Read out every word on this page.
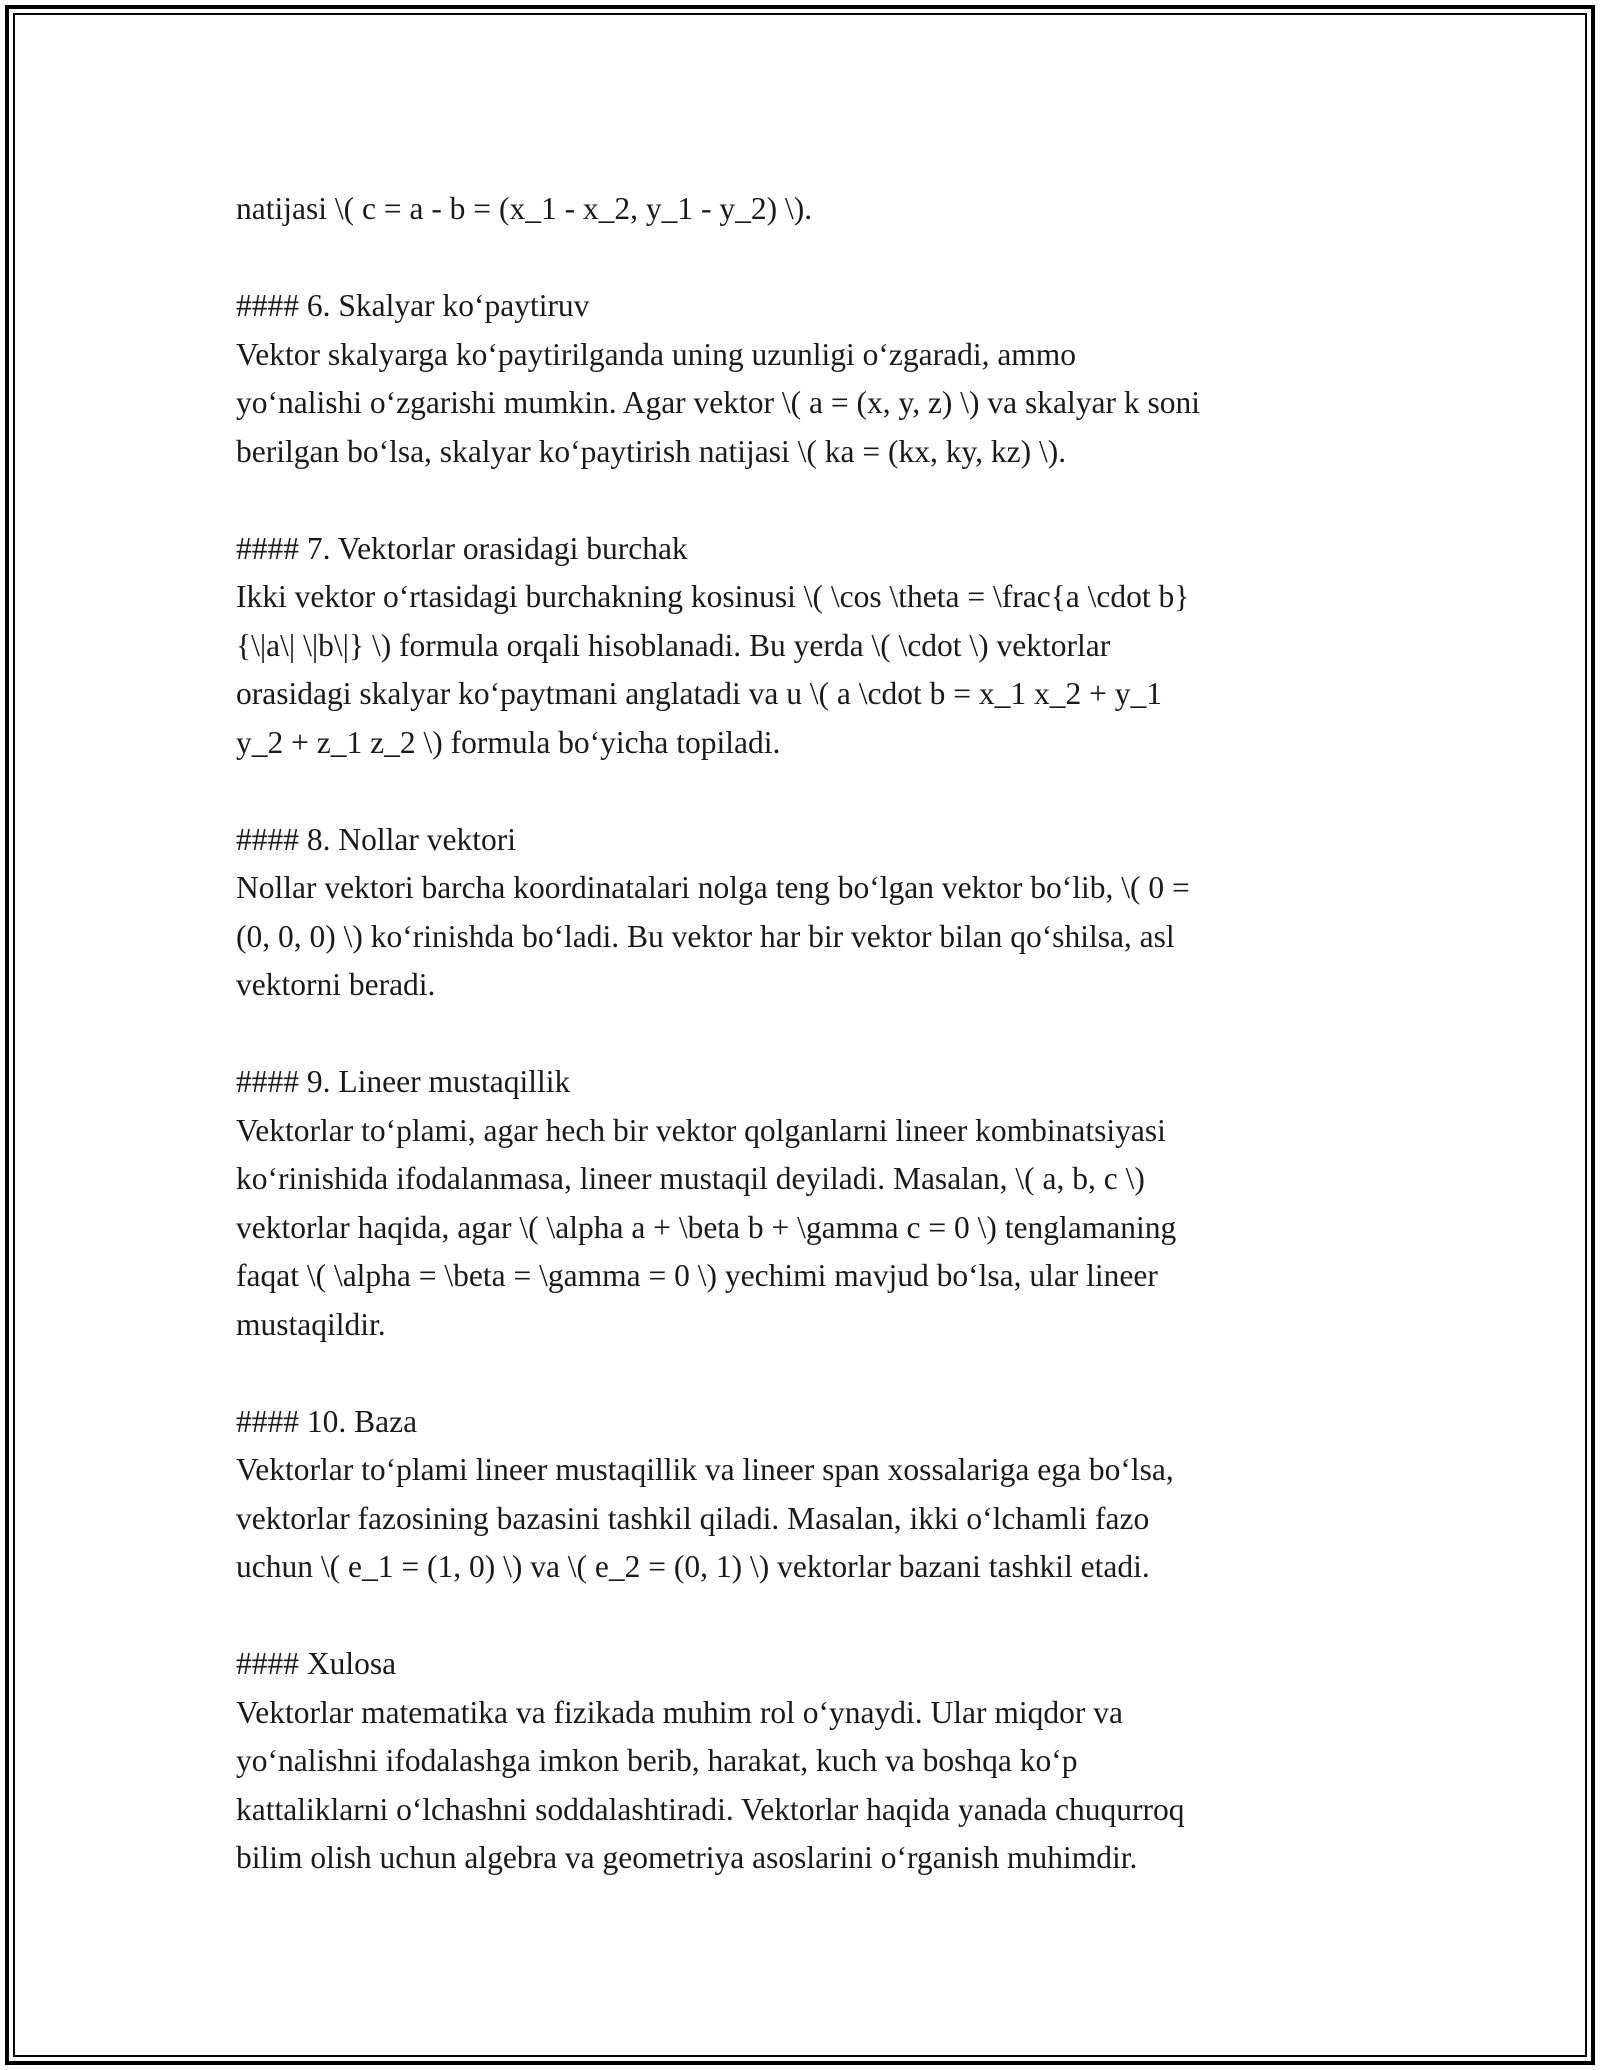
natijasi \( c = a - b = (x_1 - x_2, y_1 - y_2) \).

#### 6. Skalyar ko‘paytiruv

Vektor skalyarga ko‘paytirilganda uning uzunligi o‘zgaradi, ammo

yo‘nalishi o‘zgarishi mumkin. Agar vektor \( a = (x, y, z) \) va skalyar k soni

berilgan bo‘lsa, skalyar ko‘paytirish natijasi \( ka = (kx, ky, kz) \).

#### 7. Vektorlar orasidagi burchak

Ikki vektor o‘rtasidagi burchakning kosinusi \( \cos \theta = \frac{a \cdot b}

{\|a\| \|b\|} \) formula orqali hisoblanadi. Bu yerda \( \cdot \) vektorlar

orasidagi skalyar ko‘paytmani anglatadi va u \( a \cdot b = x_1 x_2 + y_1

y_2 + z_1 z_2 \) formula bo‘yicha topiladi.

#### 8. Nollar vektori

Nollar vektori barcha koordinatalari nolga teng bo‘lgan vektor bo‘lib, \( 0 =

(0, 0, 0) \) ko‘rinishda bo‘ladi. Bu vektor har bir vektor bilan qo‘shilsa, asl

vektorni beradi.

#### 9. Lineer mustaqillik

Vektorlar to‘plami, agar hech bir vektor qolganlarni lineer kombinatsiyasi

ko‘rinishida ifodalanmasa, lineer mustaqil deyiladi. Masalan, \( a, b, c \)

vektorlar haqida, agar \( \alpha a + \beta b + \gamma c = 0 \) tenglamaning

faqat \( \alpha = \beta = \gamma = 0 \) yechimi mavjud bo‘lsa, ular lineer

mustaqildir.

#### 10. Baza

Vektorlar to‘plami lineer mustaqillik va lineer span xossalariga ega bo‘lsa,

vektorlar fazosining bazasini tashkil qiladi. Masalan, ikki o‘lchamli fazo

uchun \( e_1 = (1, 0) \) va \( e_2 = (0, 1) \) vektorlar bazani tashkil etadi.

#### Xulosa

Vektorlar matematika va fizikada muhim rol o‘ynaydi. Ular miqdor va

yo‘nalishni ifodalashga imkon berib, harakat, kuch va boshqa ko‘p

kattaliklarni o‘lchashni soddalashtiradi. Vektorlar haqida yanada chuqurroq

bilim olish uchun algebra va geometriya asoslarini o‘rganish muhimdir.
